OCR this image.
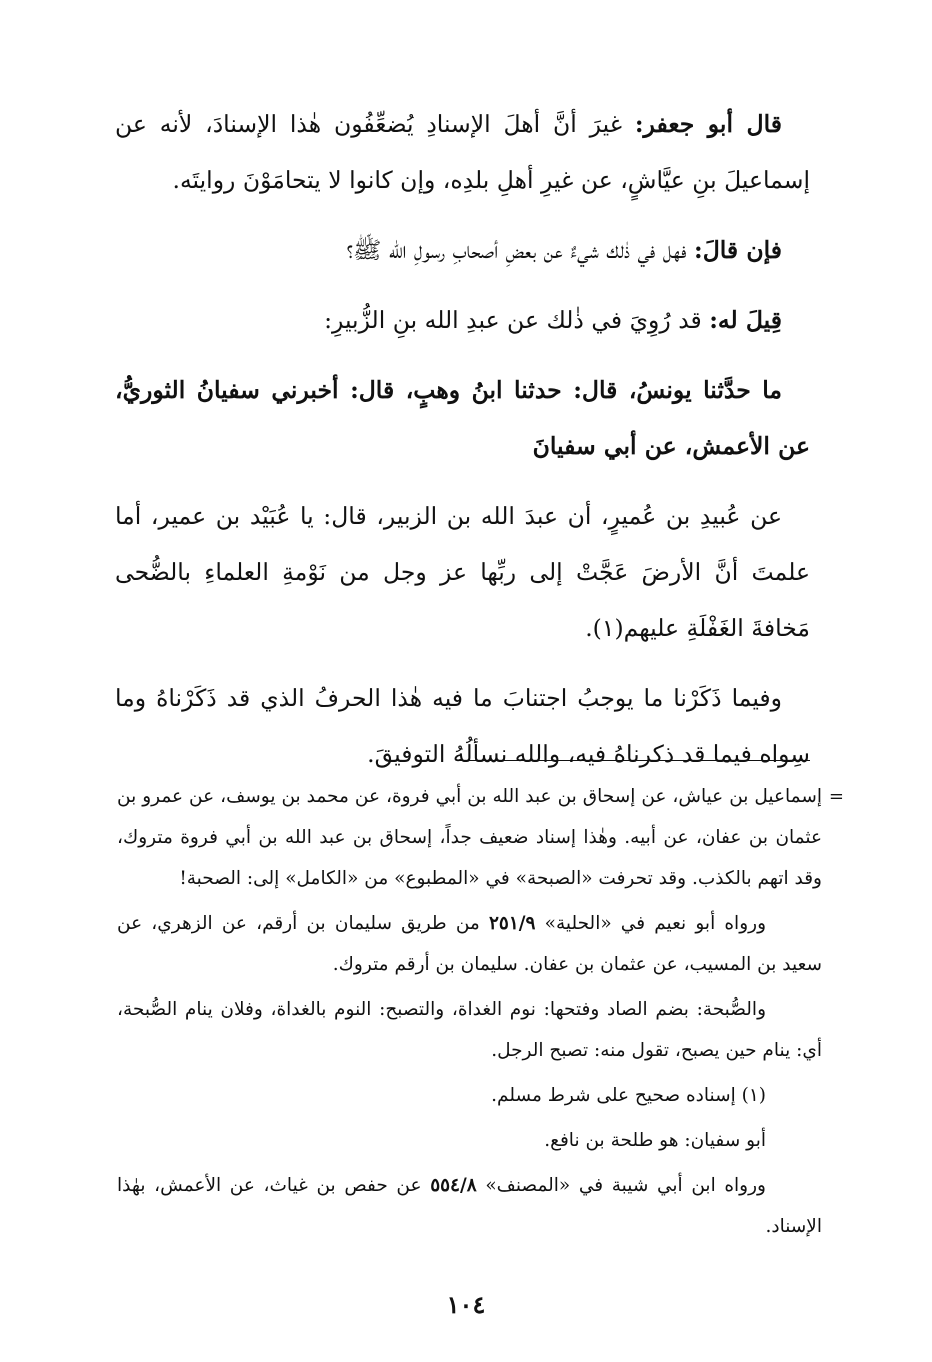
قال أبو جعفر: غيرَ أنَّ أهلَ الإسنادِ يُضعِّفُون هٰذا الإسنادَ، لأنه عن إسماعيلَ بنِ عيَّاشٍ، عن غيرِ أهلِ بلدِه، وإن كانوا لا يتحامَوْنَ روايتَه.

فإن قالَ: فهل في ذٰلك شيءٌ عن بعضِ أصحابِ رسولِ الله ﷺ؟

قِيلَ له: قد رُوِيَ في ذٰلك عن عبدِ الله بنِ الزُّبيرِ:

ما حدَّثنا يونسُ، قال: حدثنا ابنُ وهبٍ، قال: أخبرني سفيانُ الثوريُّ، عن الأعمش، عن أبي سفيانَ

عن عُبيدِ بن عُميرٍ، أن عبدَ الله بن الزبير، قال: يا عُبَيْد بن عمير، أما علمتَ أنَّ الأرضَ عَجَّتْ إلى ربِّها عز وجل من نَوْمةِ العلماءِ بالضُّحى مَخافةَ الغَفْلَةِ عليهم(١).

وفيما ذَكَرْنا ما يوجبُ اجتنابَ ما فيه هٰذا الحرفُ الذي قد ذَكَرْناهُ وما سِواه فيما قد ذكرناهُ فيه، والله نسألُهُ التوفيقَ.

=
إسماعيل بن عياش، عن إسحاق بن عبد الله بن أبي فروة، عن محمد بن يوسف، عن عمرو بن عثمان بن عفان، عن أبيه. وهٰذا إسناد ضعيف جداً، إسحاق بن عبد الله بن أبي فروة متروك، وقد اتهم بالكذب. وقد تحرفت «الصبحة» في «المطبوع» من «الكامل» إلى: الصحبة!

ورواه أبو نعيم في «الحلية» ٢٥١/٩ من طريق سليمان بن أرقم، عن الزهري، عن سعيد بن المسيب، عن عثمان بن عفان. سليمان بن أرقم متروك.

والصُّبحة: بضم الصاد وفتحها: نوم الغداة، والتصبح: النوم بالغداة، وفلان ينام الصُّبحة، أي: ينام حين يصبح، تقول منه: تصبح الرجل.

(١) إسناده صحيح على شرط مسلم.

أبو سفيان: هو طلحة بن نافع.

ورواه ابن أبي شيبة في «المصنف» ٥٥٤/٨ عن حفص بن غياث، عن الأعمش، بهٰذا الإسناد.

١٠٤
